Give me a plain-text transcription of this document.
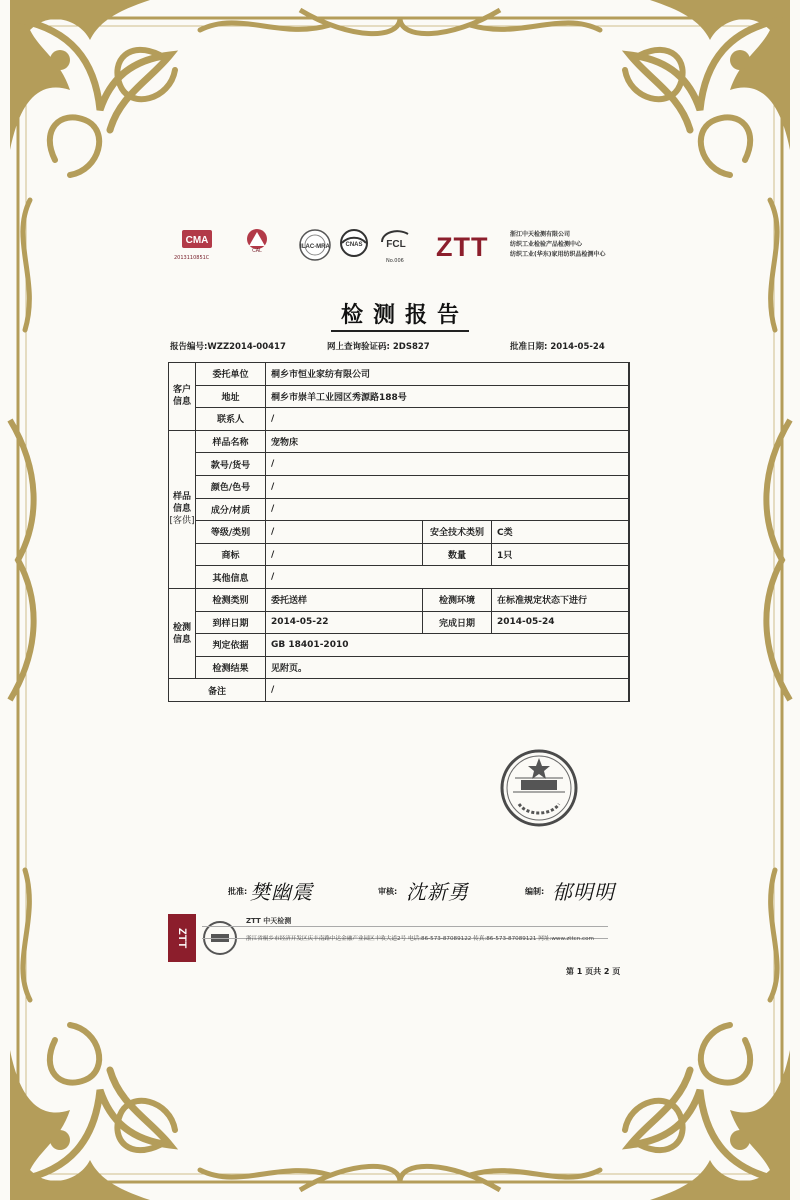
CMA
2013110851C
CAL
ILAC-MRA	CNAS FCL
No.006 ZTT	浙江中天检测有限公司
纺织工业检验产品检测中心
纺织工业(华东)家用纺织品检测中心
检测报告
报告编号:WZZ2014-00417	网上查询验证码: 2DS827	批准日期: 2014-05-24
客户信息	委托单位	桐乡市恒业家纺有限公司		
	地址	桐乡市崇羊工业园区秀源路188号		
	联系人	/		

样品信息
[客供]	样品名称	宠物床		
	款号/货号	/		
	颜色/色号	/		
	成分/材质	/		
	等级/类别	/	安全技术类别	C类
	商标	/	数量	1只
	其他信息	/		
检测信息	检测类别	委托送样	检测环境	在标准规定状态下进行
	到样日期	2014-05-22	完成日期	2014-05-24
	判定依据	GB 18401-2010		
	检测结果	见附页。		
备注		/		
批准: 樊幽震	审核: 沈新勇	编制: 郁明明
ZTT
ZTT 中天检测
浙江省桐乡市经济开发区庆丰南路中达金融产业园区丰收大道2号 电话:86-573-87089122 传真:86-573-87089121 网址:www.zttcn.com
第 1 页共 2 页
